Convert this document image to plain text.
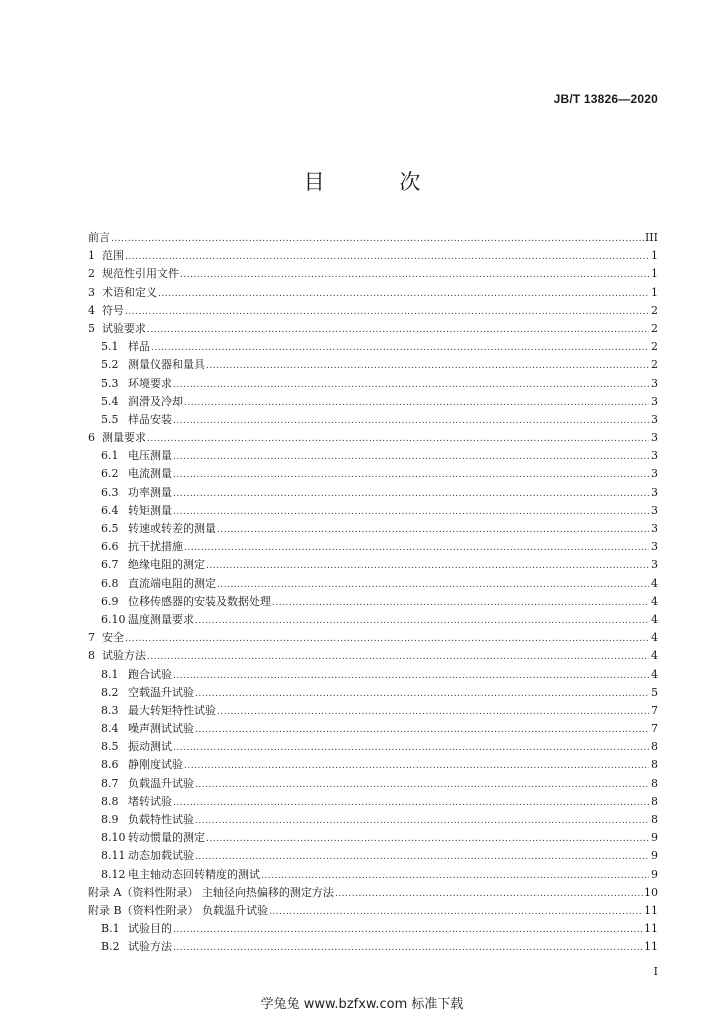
JB/T 13826—2020
目 次
前言 .....	III
1 范围 .....	1
2 规范性引用文件 .....	1
3 术语和定义 .....	1
4 符号 .....	2
5 试验要求 .....	2
5.1 样品 .....	2
5.2 测量仪器和量具 .....	2
5.3 环境要求 .....	3
5.4 润滑及冷却 .....	3
5.5 样品安装 .....	3
6 测量要求 .....	3
6.1 电压测量 .....	3
6.2 电流测量 .....	3
6.3 功率测量 .....	3
6.4 转矩测量 .....	3
6.5 转速或转差的测量 .....	3
6.6 抗干扰措施 .....	3
6.7 绝缘电阻的测定 .....	3
6.8 直流端电阻的测定 .....	4
6.9 位移传感器的安装及数据处理 .....	4
6.10 温度测量要求 .....	4
7 安全 .....	4
8 试验方法 .....	4
8.1 跑合试验 .....	4
8.2 空载温升试验 .....	5
8.3 最大转矩特性试验 .....	7
8.4 噪声测试试验 .....	7
8.5 振动测试 .....	8
8.6 静刚度试验 .....	8
8.7 负载温升试验 .....	8
8.8 堵转试验 .....	8
8.9 负载特性试验 .....	8
8.10 转动惯量的测定 .....	9
8.11 动态加载试验 .....	9
8.12 电主轴动态回转精度的测试 .....	9
附录 A（资料性附录） 主轴径向热偏移的测定方法 .....	10
附录 B（资料性附录） 负载温升试验 .....	11
B.1 试验目的 .....	11
B.2 试验方法 .....	11
I
学兔兔 www.bzfxw.com 标准下载
